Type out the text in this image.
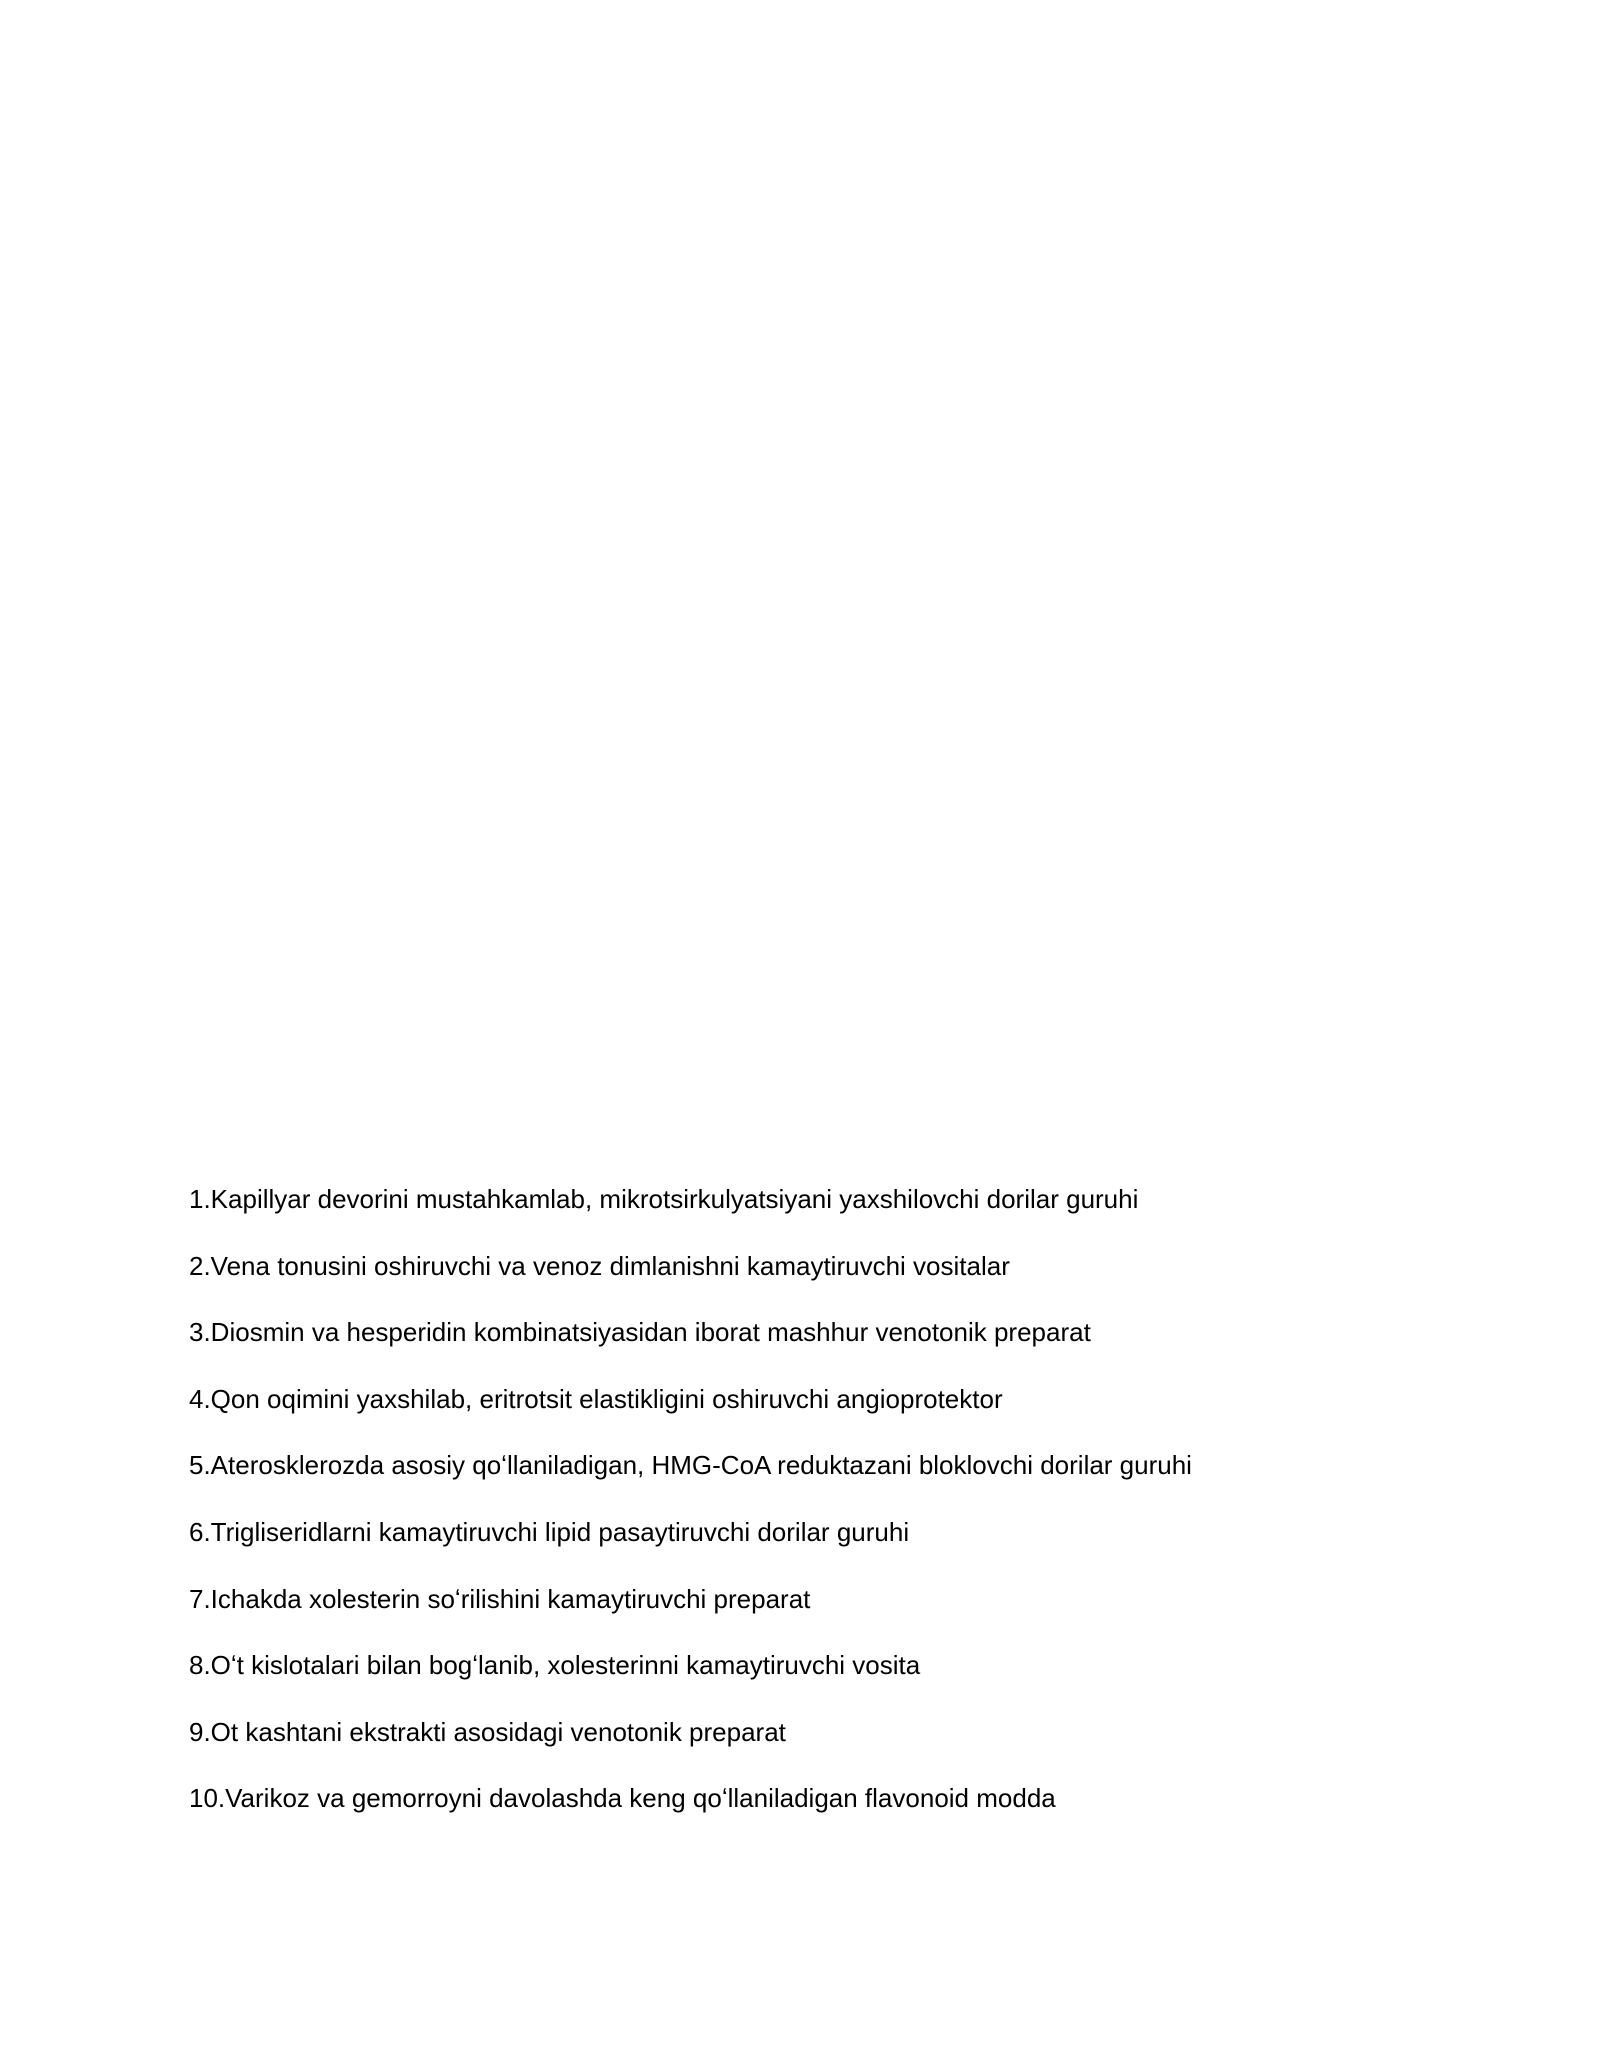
1.Kapillyar devorini mustahkamlab, mikrotsirkulyatsiyani yaxshilovchi dorilar guruhi
2.Vena tonusini oshiruvchi va venoz dimlanishni kamaytiruvchi vositalar
3.Diosmin va hesperidin kombinatsiyasidan iborat mashhur venotonik preparat
4.Qon oqimini yaxshilab, eritrotsit elastikligini oshiruvchi angioprotektor
5.Aterosklerozda asosiy qoʻllaniladigan, HMG-CoA reduktazani bloklovchi dorilar guruhi
6.Trigliseridlarni kamaytiruvchi lipid pasaytiruvchi dorilar guruhi
7.Ichakda xolesterin soʻrilishini kamaytiruvchi preparat
8.Oʻt kislotalari bilan bogʻlanib, xolesterinni kamaytiruvchi vosita
9.Ot kashtani ekstrakti asosidagi venotonik preparat
10.Varikoz va gemorroyni davolashda keng qoʻllaniladigan flavonoid modda
